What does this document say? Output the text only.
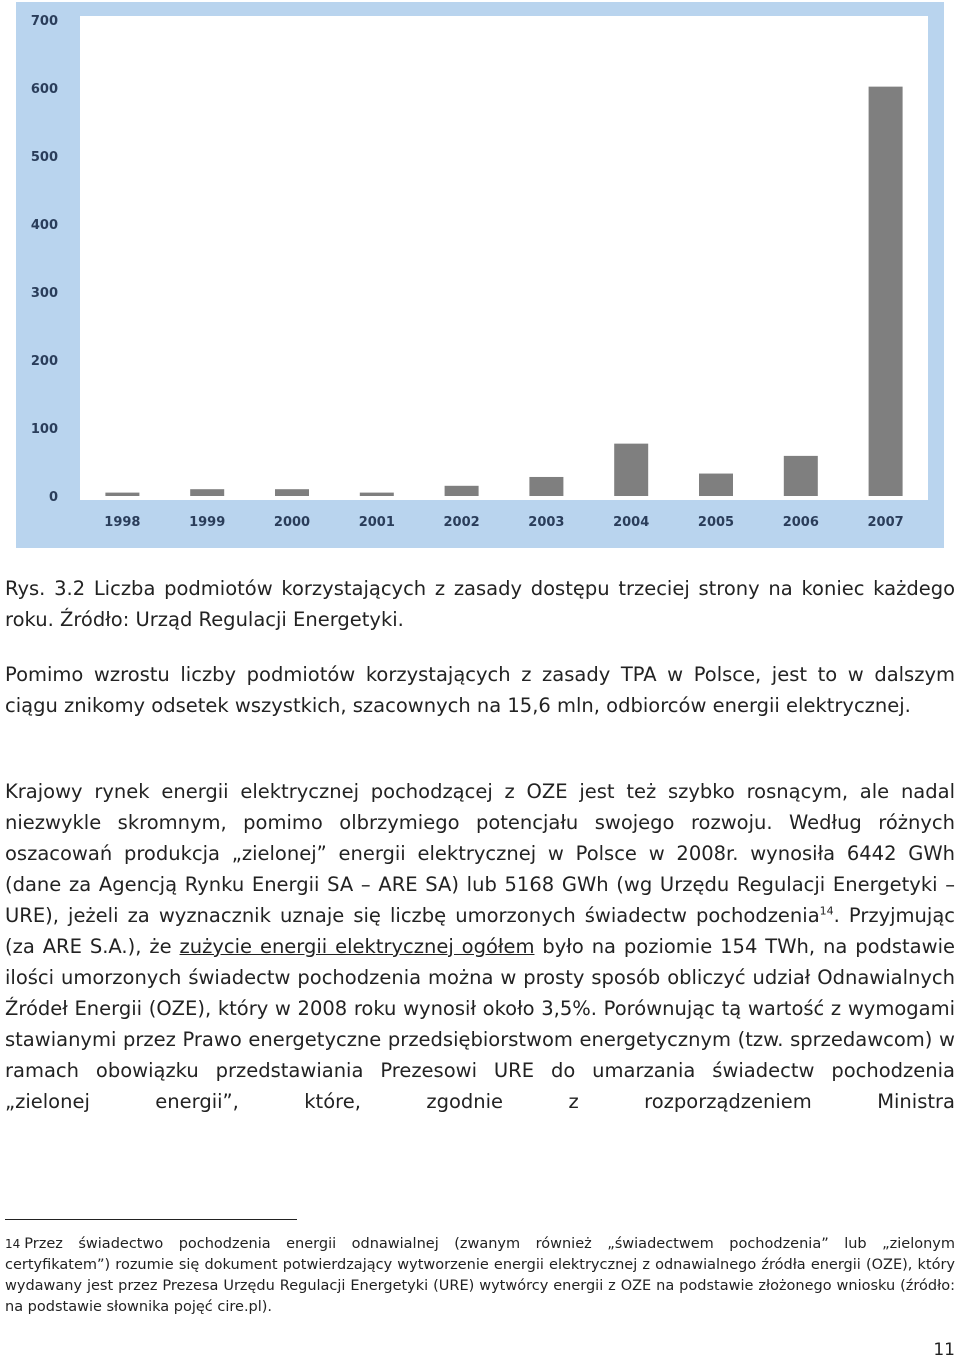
0
100
200
300
400
500
600
700
1998	1999	2000	2001	2002	2003	2004	2005	2006	2007

Rys. 3.2 Liczba podmiotów korzystających z zasady dostępu trzeciej strony na koniec każdego roku. Źródło: Urząd Regulacji Energetyki.

Pomimo wzrostu liczby podmiotów korzystających z zasady TPA w Polsce, jest to w dalszym ciągu znikomy odsetek wszystkich, szacownych na 15,6 mln, odbiorców energii elektrycznej.

Krajowy rynek energii elektrycznej pochodzącej z OZE jest też szybko rosnącym, ale nadal niezwykle skromnym, pomimo olbrzymiego potencjału swojego rozwoju. Według różnych oszacowań produkcja „zielonej” energii elektrycznej w Polsce w 2008r. wynosiła 6442 GWh (dane za Agencją Rynku Energii SA – ARE SA) lub 5168 GWh (wg Urzędu Regulacji Energetyki – URE), jeżeli za wyznacznik uznaje się liczbę umorzonych świadectw pochodzenia$^{14}$. Przyjmując (za ARE S.A.), że zużycie energii elektrycznej ogółem było na poziomie 154 TWh, na podstawie ilości umorzonych świadectw pochodzenia można w prosty sposób obliczyć udział Odnawialnych Źródeł Energii (OZE), który w 2008 roku wynosił około 3,5%. Porównując tą wartość z wymogami stawianymi przez Prawo energetyczne przedsiębiorstwom energetycznym (tzw. sprzedawcom) w ramach obowiązku przedstawiania Prezesowi URE do umarzania świadectw pochodzenia „zielonej energii”, które, zgodnie z rozporządzeniem Ministra

14 Przez świadectwo pochodzenia energii odnawialnej (zwanym również „świadectwem pochodzenia” lub „zielonym certyfikatem”) rozumie się dokument potwierdzający wytworzenie energii elektrycznej z odnawialnego źródła energii (OZE), który wydawany jest przez Prezesa Urzędu Regulacji Energetyki (URE) wytwórcy energii z OZE na podstawie złożonego wniosku (źródło: na podstawie słownika pojęć cire.pl).
11
